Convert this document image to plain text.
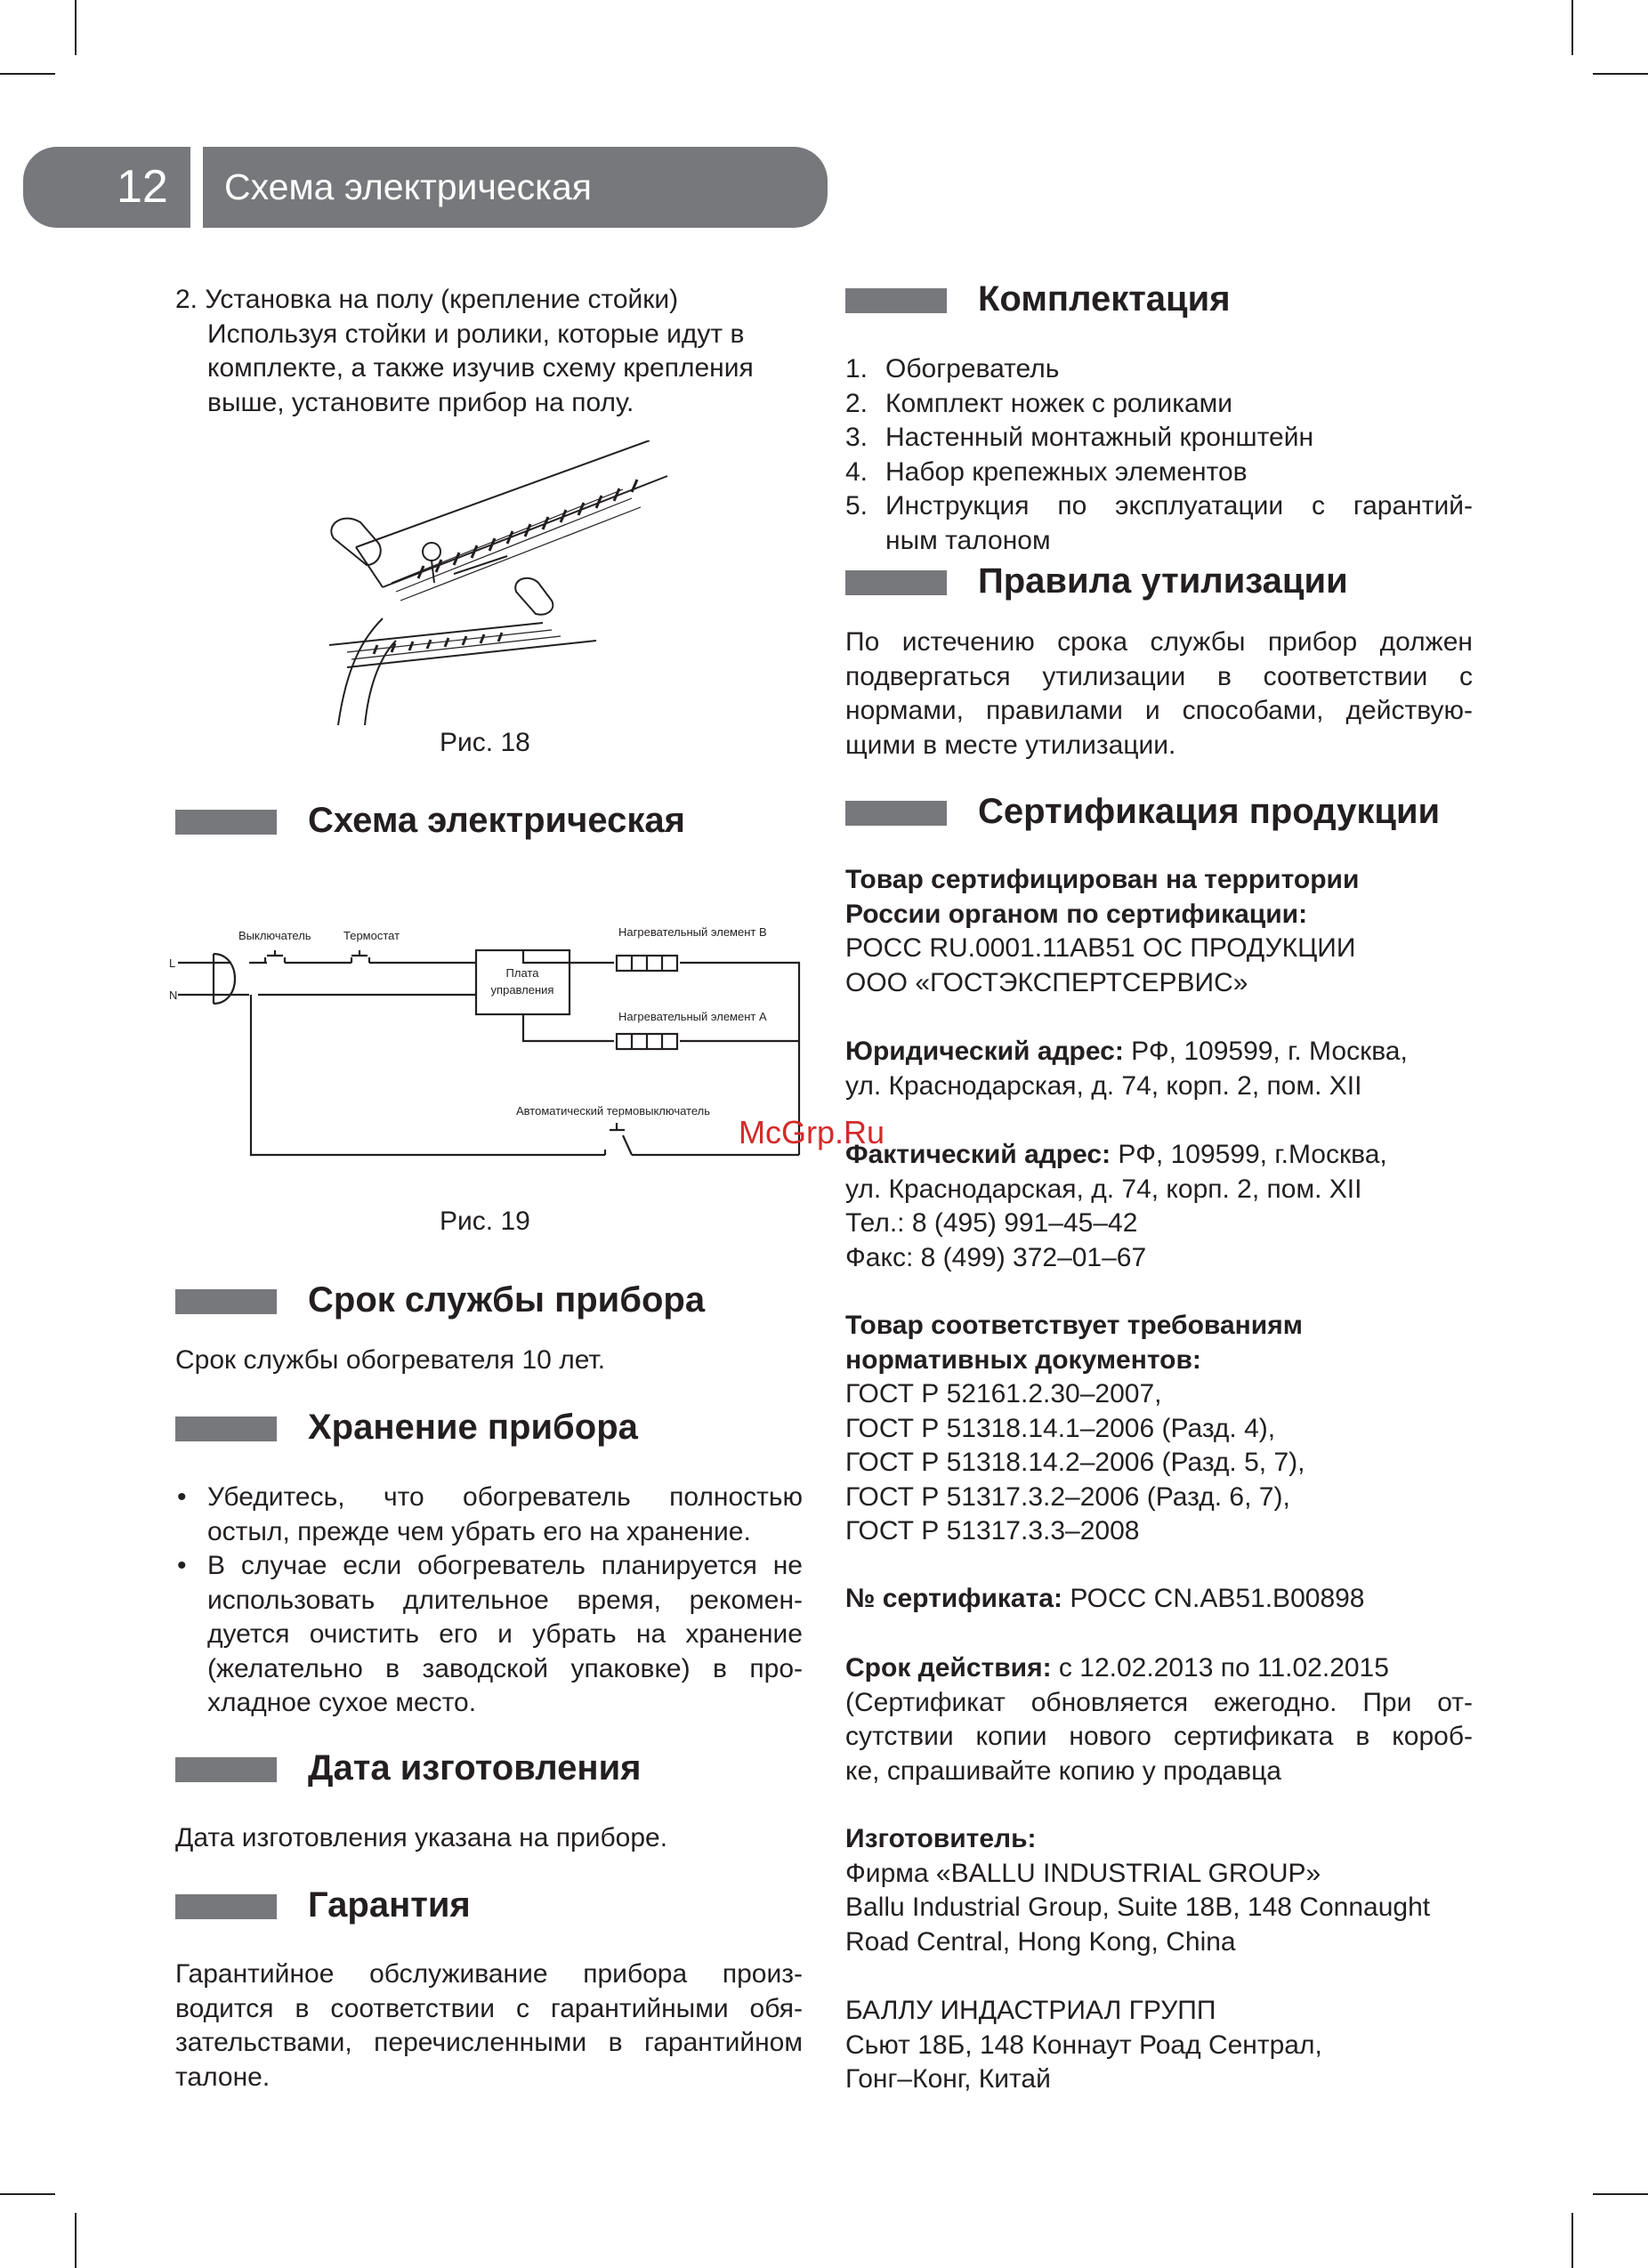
12 Схема электрическая
2. Установка на полу (крепление стойки)
Используя стойки и ролики, которые идут в
комплекте, а также изучив схему крепления
выше, установите прибор на полу.
Рис. 18
Схема электрическая
L
N
Выключатель	Термостат	Нагревательный элемент B
Нагревательный элемент A
Плата
управления
Автоматический термовыключатель
Рис. 19
Срок службы прибора
Срок службы обогревателя 10 лет.
Хранение прибора
• Убедитесь, что обогреватель полностью
остыл, прежде чем убрать его на хранение.
• В случае если обогреватель планируется не
использовать длительное время, рекомен-
дуется очистить его и убрать на хранение
(желательно в заводской упаковке) в про-
хладное сухое место.
Дата изготовления
Дата изготовления указана на приборе.
Гарантия
Гарантийное обслуживание прибора произ-
водится в соответствии с гарантийными обя-
зательствами, перечисленными в гарантийном
талоне.
Комплектация
1. Обогреватель
2. Комплект ножек с роликами
3. Настенный монтажный кронштейн
4. Набор крепежных элементов
5. Инструкция по эксплуатации с гарантий-
ным талоном
Правила утилизации
По истечению срока службы прибор должен
подвергаться утилизации в соответствии с
нормами, правилами и способами, действую-
щими в месте утилизации.
Сертификация продукции
Товар сертифицирован на территории
России органом по сертификации:
РОСС RU.0001.11АВ51 ОС ПРОДУКЦИИ
ООО «ГОСТЭКСПЕРТСЕРВИС»
Юридический адрес: РФ, 109599, г. Москва,
ул. Краснодарская, д. 74, корп. 2, пом. XII
Фактический адрес: РФ, 109599, г.Москва,
ул. Краснодарская, д. 74, корп. 2, пом. XII
Тел.: 8 (495) 991–45–42
Факс: 8 (499) 372–01–67
Товар соответствует требованиям
нормативных документов:
ГОСТ Р 52161.2.30–2007,
ГОСТ Р 51318.14.1–2006 (Разд. 4),
ГОСТ Р 51318.14.2–2006 (Разд. 5, 7),
ГОСТ Р 51317.3.2–2006 (Разд. 6, 7),
ГОСТ Р 51317.3.3–2008
№ сертификата: РОСС CN.AB51.B00898
Срок действия: с 12.02.2013 по 11.02.2015
(Сертификат обновляется ежегодно. При от-
сутствии копии нового сертификата в короб-
ке, спрашивайте копию у продавца
Изготовитель:
Фирма «BALLU INDUSTRIAL GROUP»
Ballu Industrial Group, Suite 18B, 148 Connaught
Road Central, Hong Kong, China
БАЛЛУ ИНДАСТРИАЛ ГРУПП
Сьют 18Б, 148 Коннаут Роад Сентрал,
Гонг–Конг, Китай
McGrp.Ru
